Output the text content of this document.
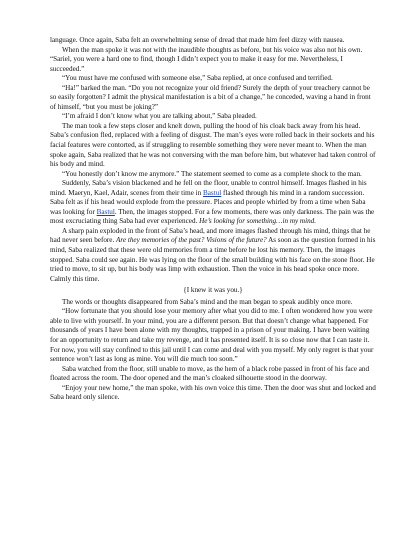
language. Once again, Saba felt an overwhelming sense of dread that made him feel dizzy with nausea.

When the man spoke it was not with the inaudible thoughts as before, but his voice was also not his own. “Sariel, you were a hard one to find, though I didn’t expect you to make it easy for me. Nevertheless, I succeeded.”

“You must have me confused with someone else,” Saba replied, at once confused and terrified.

“Ha!” barked the man. “Do you not recognize your old friend? Surely the depth of your treachery cannot be so easily forgotten? I admit the physical manifestation is a bit of a change,” he conceded, waving a hand in front of himself, “but you must be joking?”

“I’m afraid I don’t know what you are talking about,” Saba pleaded.

The man took a few steps closer and knelt down, pulling the hood of his cloak back away from his head. Saba’s confusion fled, replaced with a feeling of disgust. The man’s eyes were rolled back in their sockets and his facial features were contorted, as if struggling to resemble something they were never meant to. When the man spoke again, Saba realized that he was not conversing with the man before him, but whatever had taken control of his body and mind.

“You honestly don’t know me anymore.” The statement seemed to come as a complete shock to the man.

Suddenly, Saba’s vision blackened and he fell on the floor, unable to control himself. Images flashed in his mind. Maeryn, Kael, Adair, scenes from their time in Bastul flashed through his mind in a random succession. Saba felt as if his head would explode from the pressure. Places and people whirled by from a time when Saba was looking for Bastul. Then, the images stopped. For a few moments, there was only darkness. The pain was the most excruciating thing Saba had ever experienced. He’s looking for something…in my mind.

A sharp pain exploded in the front of Saba’s head, and more images flashed through his mind, things that he had never seen before. Are they memories of the past? Visions of the future? As soon as the question formed in his mind, Saba realized that these were old memories from a time before he lost his memory. Then, the images stopped. Saba could see again. He was lying on the floor of the small building with his face on the stone floor. He tried to move, to sit up, but his body was limp with exhaustion. Then the voice in his head spoke once more. Calmly this time.

{I knew it was you.}

The words or thoughts disappeared from Saba’s mind and the man began to speak audibly once more.

“How fortunate that you should lose your memory after what you did to me. I often wondered how you were able to live with yourself. In your mind, you are a different person. But that doesn’t change what happened. For thousands of years I have been alone with my thoughts, trapped in a prison of your making. I have been waiting for an opportunity to return and take my revenge, and it has presented itself. It is so close now that I can taste it. For now, you will stay confined to this jail until I can come and deal with you myself. My only regret is that your sentence won’t last as long as mine. You will die much too soon.”

Saba watched from the floor, still unable to move, as the hem of a black robe passed in front of his face and floated across the room. The door opened and the man’s cloaked silhouette stood in the doorway.

“Enjoy your new home,” the man spoke, with his own voice this time. Then the door was shut and locked and Saba heard only silence.
